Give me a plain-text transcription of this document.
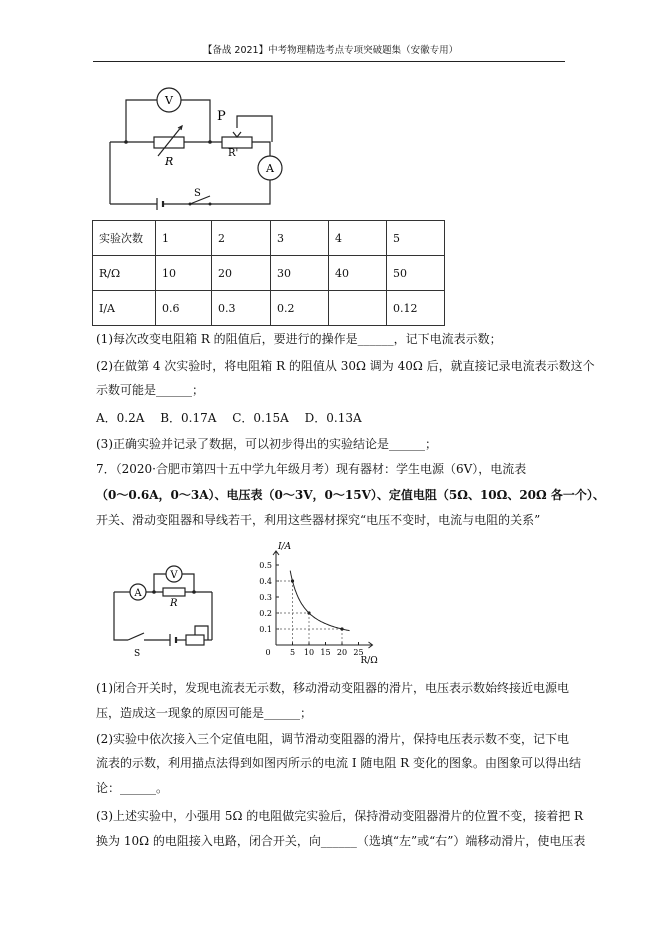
【备战 2021】中考物理精选考点专项突破题集（安徽专用）
V
A
R
R'
P
S
实验次数	1	2	3	4	5
R/Ω	10	20	30	40	50
I/A	0.6	0.3	0.2		0.12
(1)每次改变电阻箱 R 的阻值后，要进行的操作是______，记下电流表示数；
(2)在做第 4 次实验时，将电阻箱 R 的阻值从 30Ω 调为 40Ω 后，就直接记录电流表示数这个
示数可能是______；
A．0.2A　 B．0.17A　 C．0.15A　 D．0.13A
(3)正确实验并记录了数据，可以初步得出的实验结论是______；
7．（2020·合肥市第四十五中学九年级月考）现有器材：学生电源（6V），电流表
（0～0.6A，0～3A）、电压表（0～3V，0～15V）、定值电阻（5Ω、10Ω、20Ω 各一个）、
开关、滑动变阻器和导线若干，利用这些器材探究“电压不变时，电流与电阻的关系”
A
V
R
S
0.1
0.2
0.3
0.4
0.5
5 10 15 20 25
0
I/A
R/Ω
(1)闭合开关时，发现电流表无示数，移动滑动变阻器的滑片，电压表示数始终接近电源电
压，造成这一现象的原因可能是______；
(2)实验中依次接入三个定值电阻，调节滑动变阻器的滑片，保持电压表示数不变，记下电
流表的示数，利用描点法得到如图丙所示的电流 I 随电阻 R 变化的图象。由图象可以得出结
论：______。
(3)上述实验中，小强用 5Ω 的电阻做完实验后，保持滑动变阻器滑片的位置不变，接着把 R
换为 10Ω 的电阻接入电路，闭合开关，向______（选填“左”或“右”）端移动滑片，使电压表
